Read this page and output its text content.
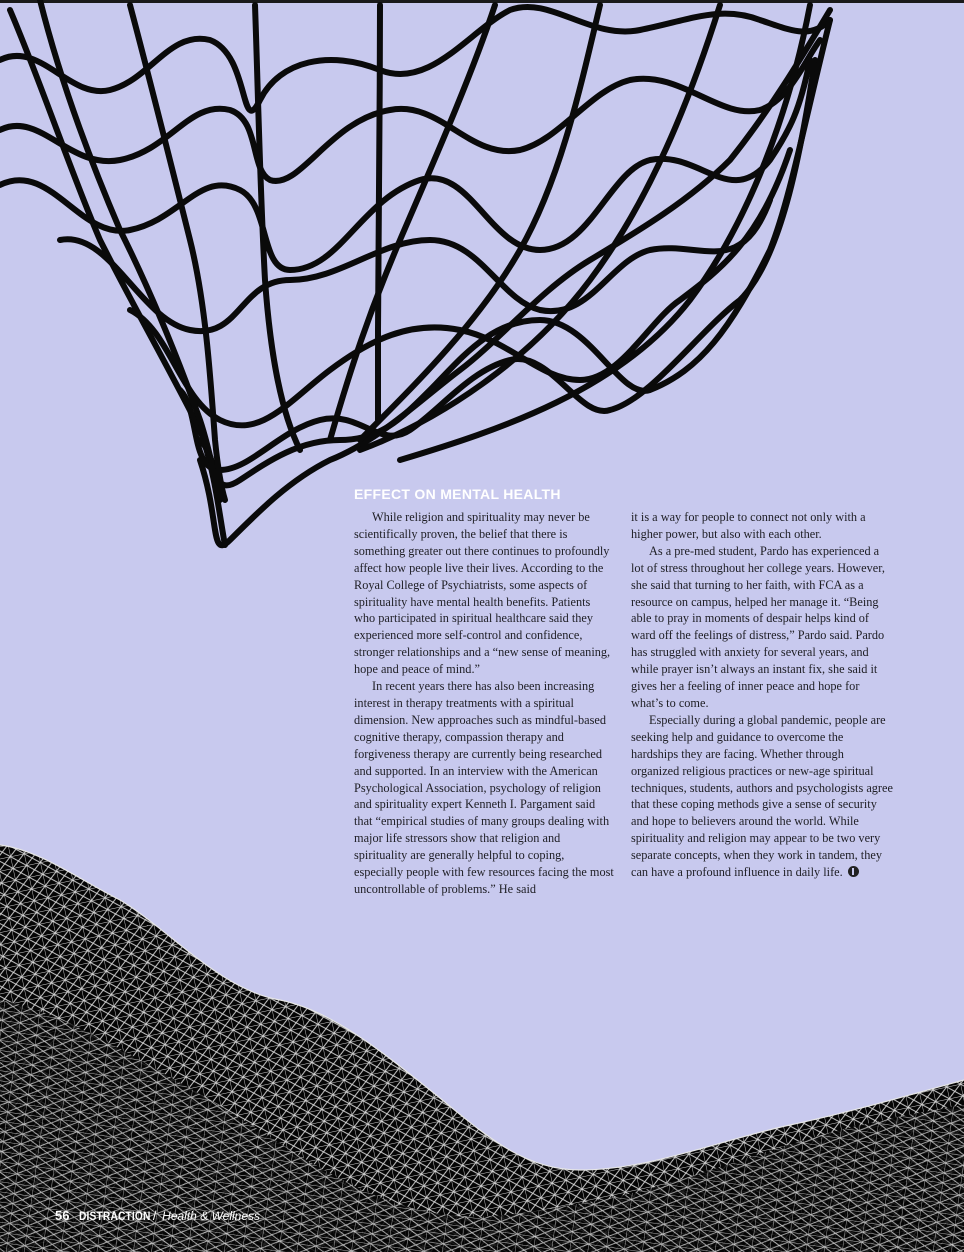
EFFECT ON MENTAL HEALTH

While religion and spirituality may never be scientifically proven, the belief that there is something greater out there continues to profoundly affect how people live their lives. According to the Royal College of Psychiatrists, some aspects of spirituality have mental health benefits. Patients who participated in spiritual healthcare said they experienced more self-control and confidence, stronger relationships and a “new sense of meaning, hope and peace of mind.”

In recent years there has also been increasing interest in therapy treatments with a spiritual dimension. New approaches such as mindful-based cognitive therapy, compassion therapy and forgiveness therapy are currently being researched and supported. In an interview with the American Psychological Association, psychology of religion and spirituality expert Kenneth I. Pargament said that “empirical studies of many groups dealing with major life stressors show that religion and spirituality are generally helpful to coping, especially people with few resources facing the most uncontrollable of problems.” He said

it is a way for people to connect not only with a higher power, but also with each other.

As a pre-med student, Pardo has experienced a lot of stress throughout her college years. However, she said that turning to her faith, with FCA as a resource on campus, helped her manage it. “Being able to pray in moments of despair helps kind of ward off the feelings of distress,” Pardo said. Pardo has struggled with anxiety for several years, and while prayer isn’t always an instant fix, she said it gives her a feeling of inner peace and hope for what’s to come.

Especially during a global pandemic, people are seeking help and guidance to overcome the hardships they are facing. Whether through organized religious practices or new-age spiritual techniques, students, authors and psychologists agree that these coping methods give a sense of security and hope to believers around the world. While spirituality and religion may appear to be two very separate concepts, when they work in tandem, they can have a profound influence in daily life.

56 DISTRACTION / Health & Wellness
